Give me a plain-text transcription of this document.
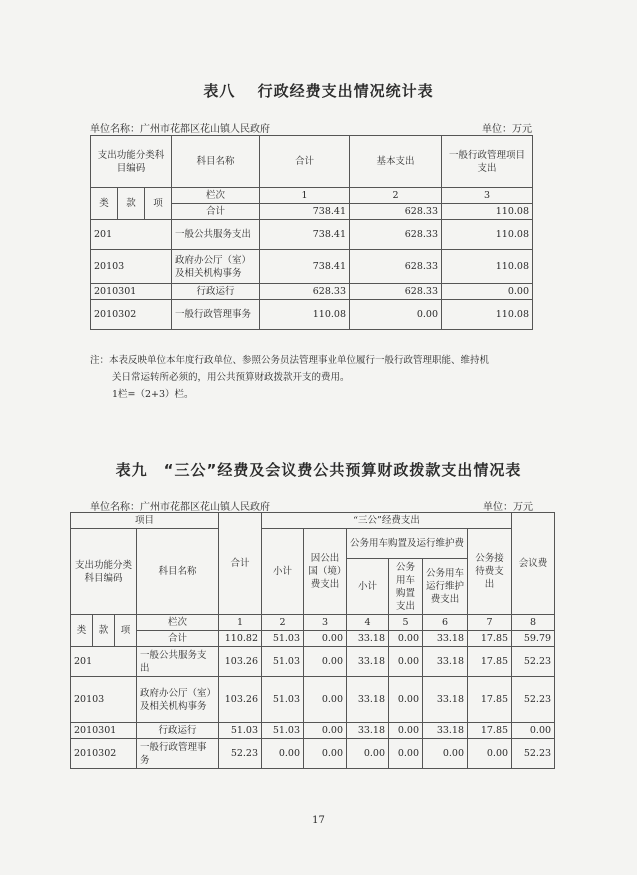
表八　 行政经费支出情况统计表
单位名称：广州市花都区花山镇人民政府	单位：万元
支出功能分类科目编码			科目名称	合计	基本支出	一般行政管理项目支出

类	款	项	栏次	1	2	3
			合计	738.41	628.33	110.08
201			一般公共服务支出	738.41	628.33	110.08
20103			政府办公厅（室）及相关机构事务	738.41	628.33	110.08
2010301			行政运行	628.33	628.33	0.00
2010302			一般行政管理事务	110.08	0.00	110.08
注：本表反映单位本年度行政单位、参照公务员法管理事业单位履行一般行政管理职能、维持机
关日常运转所必须的，用公共预算财政拨款开支的费用。
1栏=（2+3）栏。
表九　“三公”经费及会议费公共预算财政拨款支出情况表
单位名称：广州市花都区花山镇人民政府	单位：万元
项目				合计	“三公”经费支出						会议费
支出功能分类科目编码			科目名称		小计	因公出国（境）费支出	公务用车购置及运行维护费			公务接待费支出	
							小计	公务用车购置支出	公务用车运行维护费支出		

类	款	项	栏次	1	2	3	4	5	6	7	8
			合计	110.82	51.03	0.00	33.18	0.00	33.18	17.85	59.79
201			一般公共服务支出	103.26	51.03	0.00	33.18	0.00	33.18	17.85	52.23
20103			政府办公厅（室）及相关机构事务	103.26	51.03	0.00	33.18	0.00	33.18	17.85	52.23
2010301			行政运行	51.03	51.03	0.00	33.18	0.00	33.18	17.85	0.00
2010302			一般行政管理事务	52.23	0.00	0.00	0.00	0.00	0.00	0.00	52.23
17
